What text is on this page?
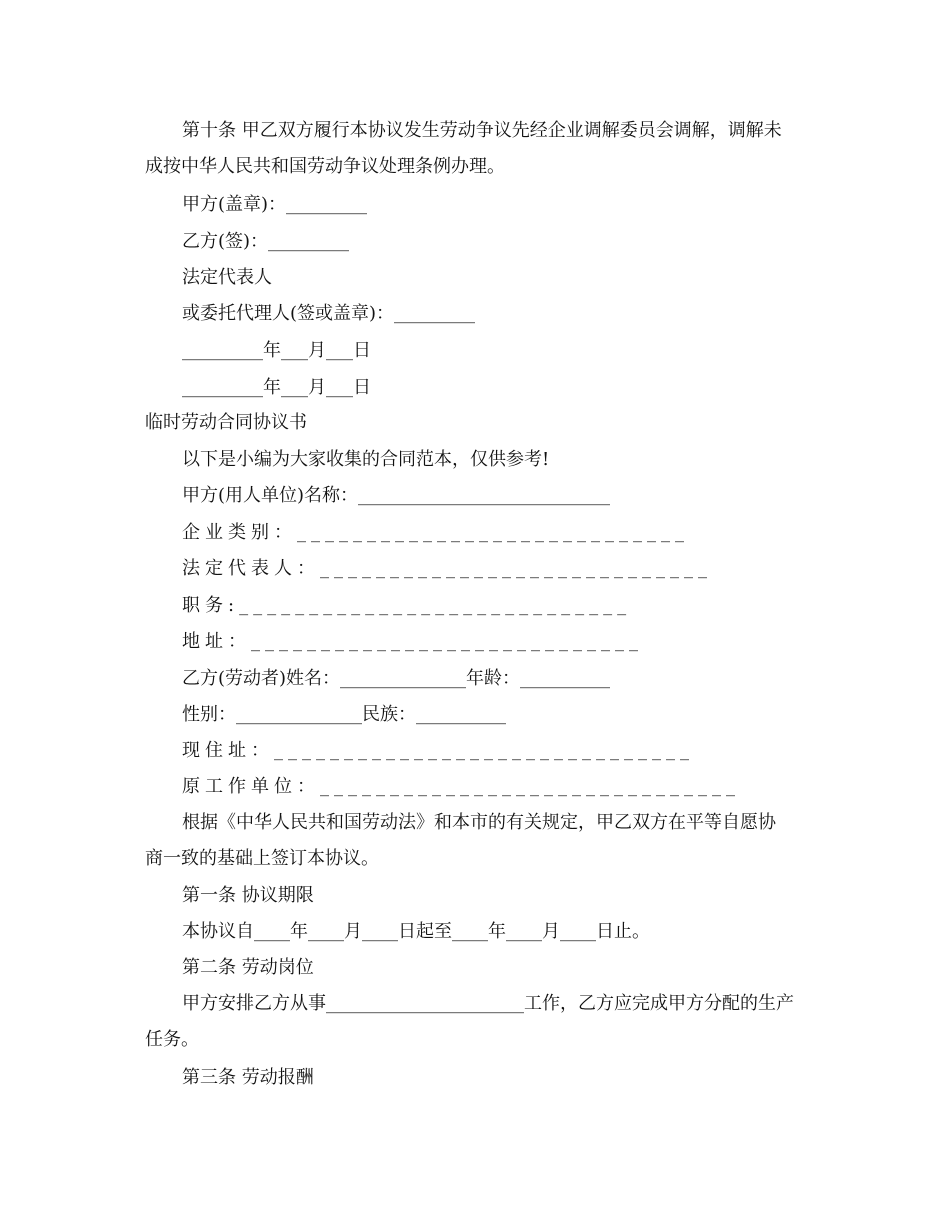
第十条 甲乙双方履行本协议发生劳动争议先经企业调解委员会调解，调解未
成按中华人民共和国劳动争议处理条例办理。
甲方(盖章)：_________
乙方(签)：_________
法定代表人
或委托代理人(签或盖章)：_________
_________年___月___日
_________年___月___日
临时劳动合同协议书
以下是小编为大家收集的合同范本，仅供参考!
甲方(用人单位)名称：____________________________
企业类别：____________________________
法定代表人：____________________________
职务:____________________________
地址：____________________________
乙方(劳动者)姓名：______________年龄：__________
性别：______________民族：__________
现住址：______________________________
原工作单位：______________________________
根据《中华人民共和国劳动法》和本市的有关规定，甲乙双方在平等自愿协
商一致的基础上签订本协议。
第一条 协议期限
本协议自____年____月____日起至____年____月____日止。
第二条 劳动岗位
甲方安排乙方从事______________________工作，乙方应完成甲方分配的生产
任务。
第三条 劳动报酬
